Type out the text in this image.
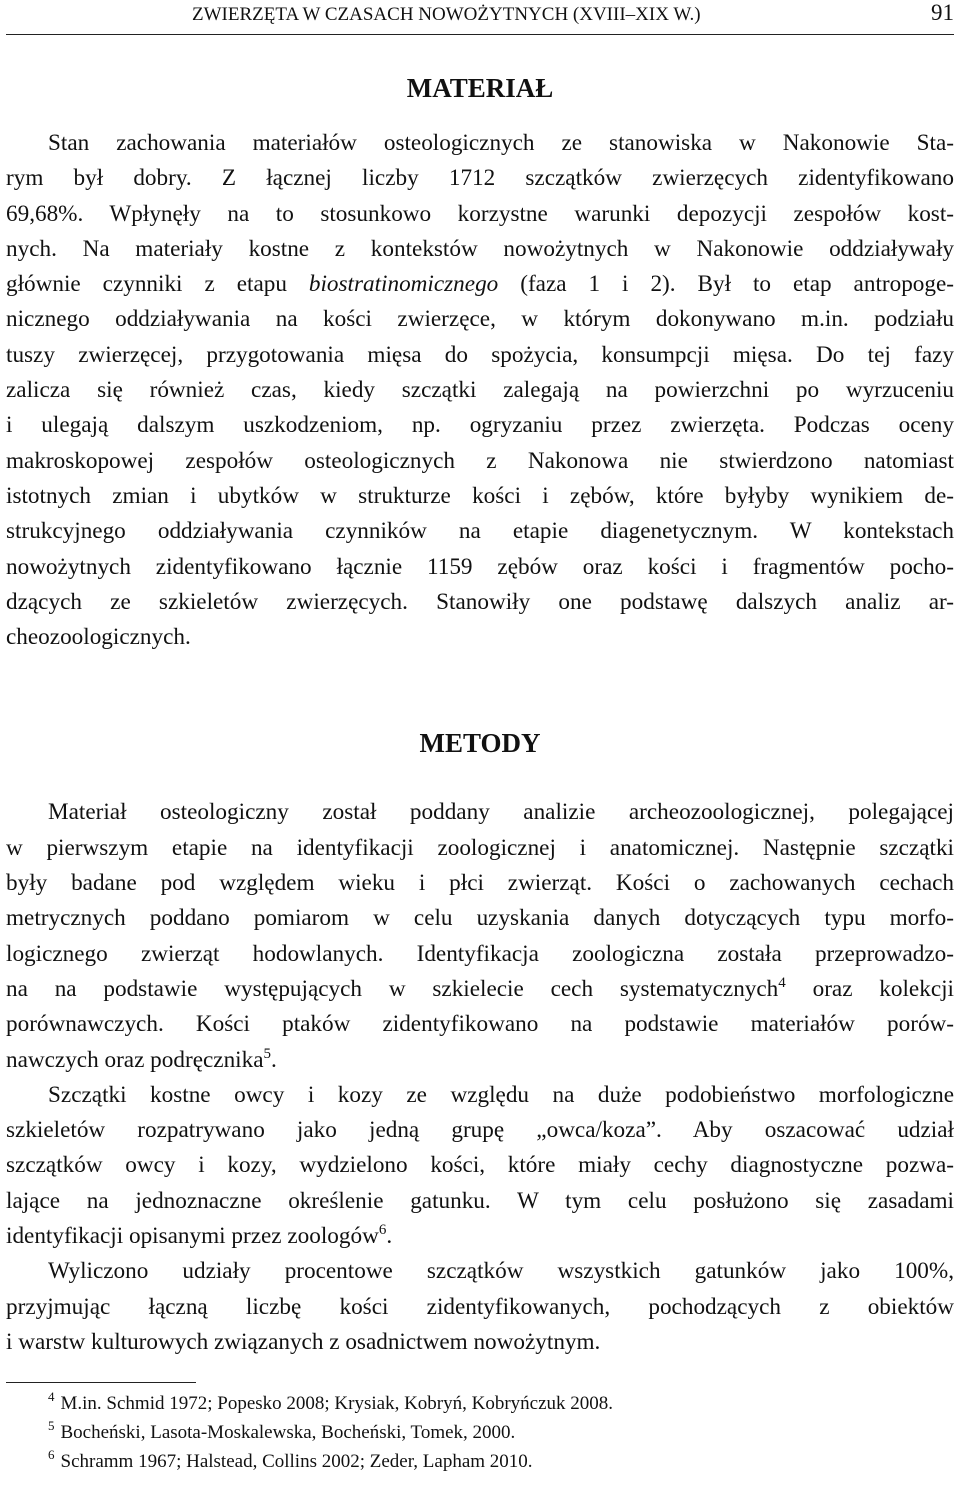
ZWIERZĘTA W CZASACH NOWOŻYTNYCH (XVIII–XIX W.)	91
MATERIAŁ

Stan zachowania materiałów osteologicznych ze stanowiska w Nakonowie Sta-
rym był dobry. Z łącznej liczby 1712 szczątków zwierzęcych zidentyfikowano
69,68%. Wpłynęły na to stosunkowo korzystne warunki depozycji zespołów kost-
nych. Na materiały kostne z kontekstów nowożytnych w Nakonowie oddziaływały
głównie czynniki z etapu biostratinomicznego (faza 1 i 2). Był to etap antropoge-
nicznego oddziaływania na kości zwierzęce, w którym dokonywano m.in. podziału
tuszy zwierzęcej, przygotowania mięsa do spożycia, konsumpcji mięsa. Do tej fazy
zalicza się również czas, kiedy szczątki zalegają na powierzchni po wyrzuceniu
i ulegają dalszym uszkodzeniom, np. ogryzaniu przez zwierzęta. Podczas oceny
makroskopowej zespołów osteologicznych z Nakonowa nie stwierdzono natomiast
istotnych zmian i ubytków w strukturze kości i zębów, które byłyby wynikiem de-
strukcyjnego oddziaływania czynników na etapie diagenetycznym. W kontekstach
nowożytnych zidentyfikowano łącznie 1159 zębów oraz kości i fragmentów pocho-
dzących ze szkieletów zwierzęcych. Stanowiły one podstawę dalszych analiz ar-
cheozoologicznych.

METODY

Materiał osteologiczny został poddany analizie archeozoologicznej, polegającej
w pierwszym etapie na identyfikacji zoologicznej i anatomicznej. Następnie szczątki
były badane pod względem wieku i płci zwierząt. Kości o zachowanych cechach
metrycznych poddano pomiarom w celu uzyskania danych dotyczących typu morfo-
logicznego zwierząt hodowlanych. Identyfikacja zoologiczna została przeprowadzo-
na na podstawie występujących w szkielecie cech systematycznych$^4$ oraz kolekcji
porównawczych. Kości ptaków zidentyfikowano na podstawie materiałów porów-
nawczych oraz podręcznika$^5$.

Szczątki kostne owcy i kozy ze względu na duże podobieństwo morfologiczne
szkieletów rozpatrywano jako jedną grupę „owca/koza”. Aby oszacować udział
szczątków owcy i kozy, wydzielono kości, które miały cechy diagnostyczne pozwa-
lające na jednoznaczne określenie gatunku. W tym celu posłużono się zasadami
identyfikacji opisanymi przez zoologów$^6$.

Wyliczono udziały procentowe szczątków wszystkich gatunków jako 100%,
przyjmując łączną liczbę kości zidentyfikowanych, pochodzących z obiektów
i warstw kulturowych związanych z osadnictwem nowożytnym.

$^4$ M.in. Schmid 1972; Popesko 2008; Krysiak, Kobryń, Kobryńczuk 2008.
$^5$ Bocheński, Lasota-Moskalewska, Bocheński, Tomek, 2000.
$^6$ Schramm 1967; Halstead, Collins 2002; Zeder, Lapham 2010.
